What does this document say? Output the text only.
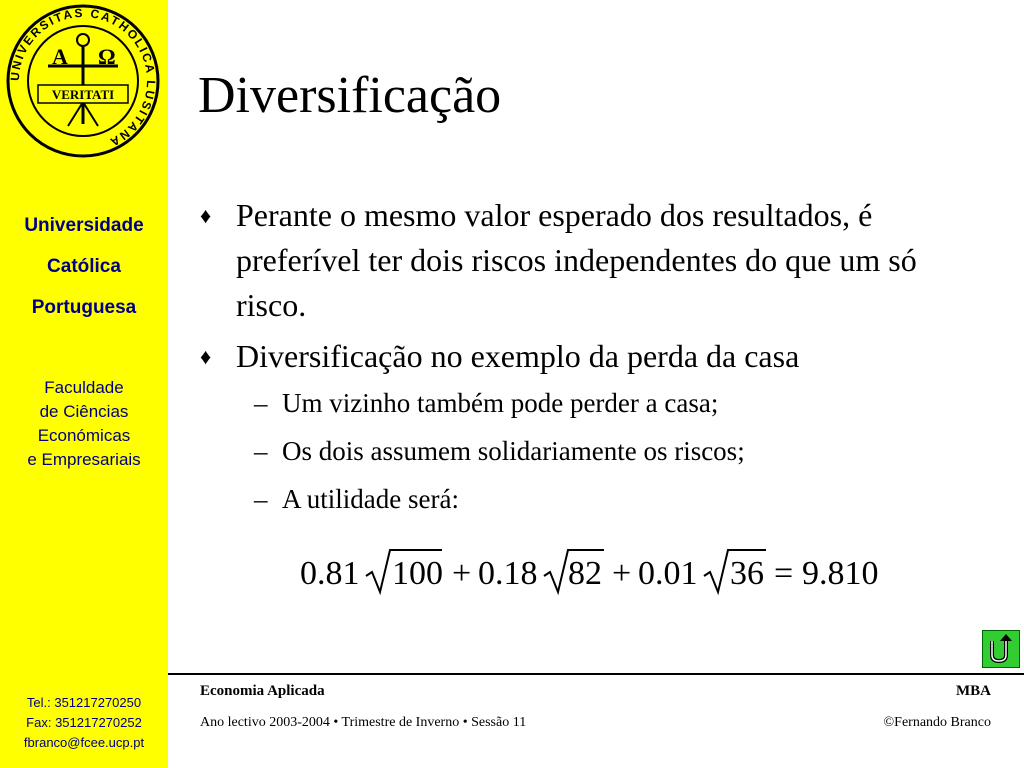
UNIVERSITAS CATHOLICA LUSITANA
A Ω
VERITATI
Universidade
Católica
Portuguesa
Faculdade
de Ciências
Económicas
e Empresariais
Tel.: 351217270250
Fax: 351217270252
fbranco@fcee.ucp.pt
Diversificação
♦ Perante o mesmo valor esperado dos resultados, é preferível ter dois riscos independentes do que um só risco.
♦ Diversificação no exemplo da perda da casa
– Um vizinho também pode perder a casa;
– Os dois assumem solidariamente os riscos;
– A utilidade será:
0.81 100 + 0.18 82 + 0.01 36 = 9.810
Economia Aplicada	MBA
Ano lectivo 2003-2004 • Trimestre de Inverno • Sessão 11	©Fernando Branco
